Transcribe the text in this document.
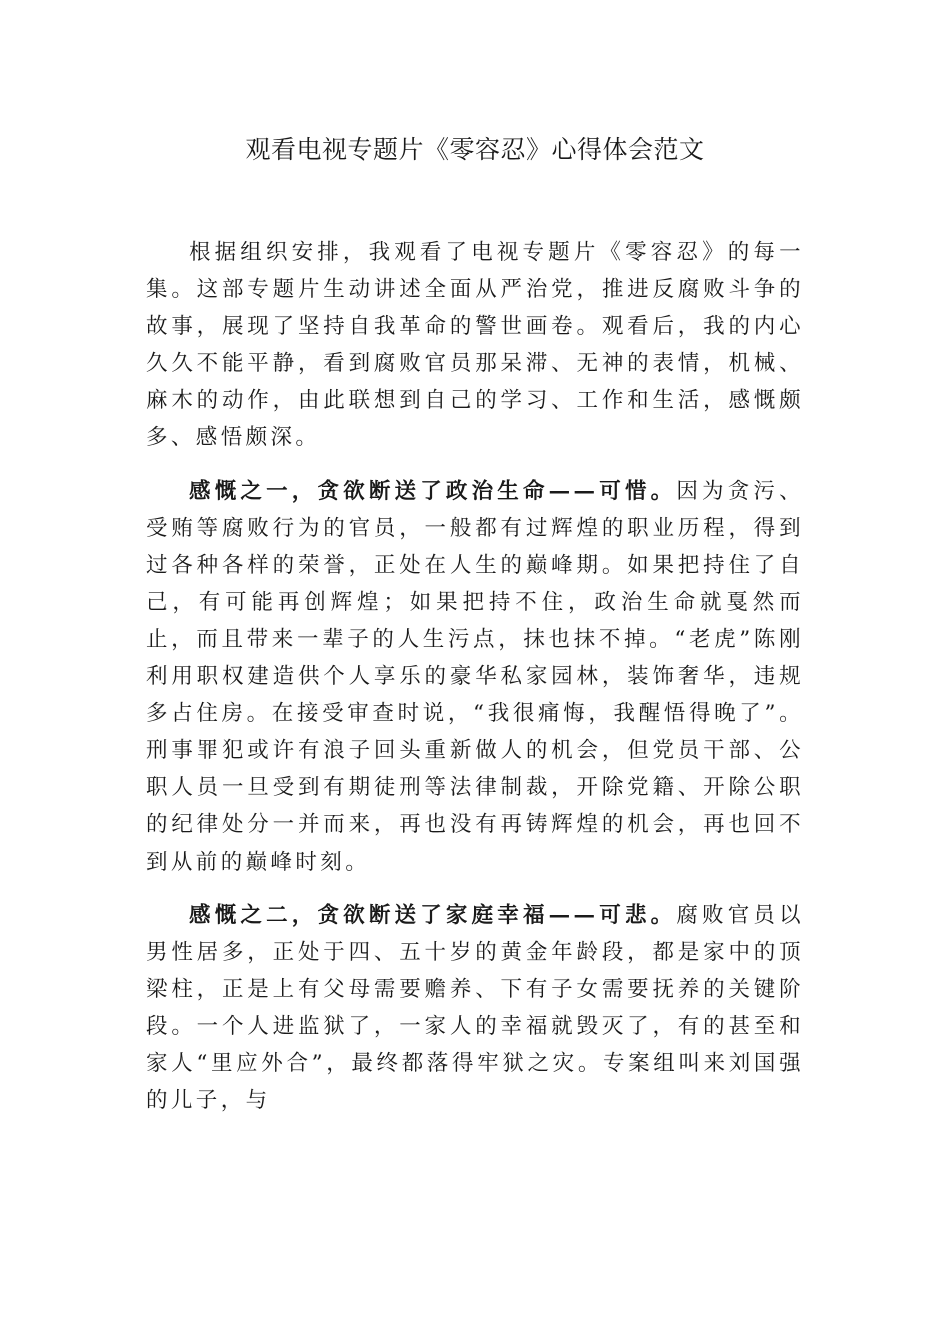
观看电视专题片《零容忍》心得体会范文

根据组织安排，我观看了电视专题片《零容忍》的每一集。这部专题片生动讲述全面从严治党，推进反腐败斗争的故事，展现了坚持自我革命的警世画卷。观看后，我的内心久久不能平静，看到腐败官员那呆滞、无神的表情，机械、麻木的动作，由此联想到自己的学习、工作和生活，感慨颇多、感悟颇深。

感慨之一，贪欲断送了政治生命——可惜。因为贪污、受贿等腐败行为的官员，一般都有过辉煌的职业历程，得到过各种各样的荣誉，正处在人生的巅峰期。如果把持住了自己，有可能再创辉煌；如果把持不住，政治生命就戛然而止，而且带来一辈子的人生污点，抹也抹不掉。“老虎”陈刚利用职权建造供个人享乐的豪华私家园林，装饰奢华，违规多占住房。在接受审查时说，“我很痛悔，我醒悟得晚了”。刑事罪犯或许有浪子回头重新做人的机会，但党员干部、公职人员一旦受到有期徒刑等法律制裁，开除党籍、开除公职的纪律处分一并而来，再也没有再铸辉煌的机会，再也回不到从前的巅峰时刻。

感慨之二，贪欲断送了家庭幸福——可悲。腐败官员以男性居多，正处于四、五十岁的黄金年龄段，都是家中的顶梁柱，正是上有父母需要赡养、下有子女需要抚养的关键阶段。一个人进监狱了，一家人的幸福就毁灭了，有的甚至和家人“里应外合”，最终都落得牢狱之灾。专案组叫来刘国强的儿子，与
